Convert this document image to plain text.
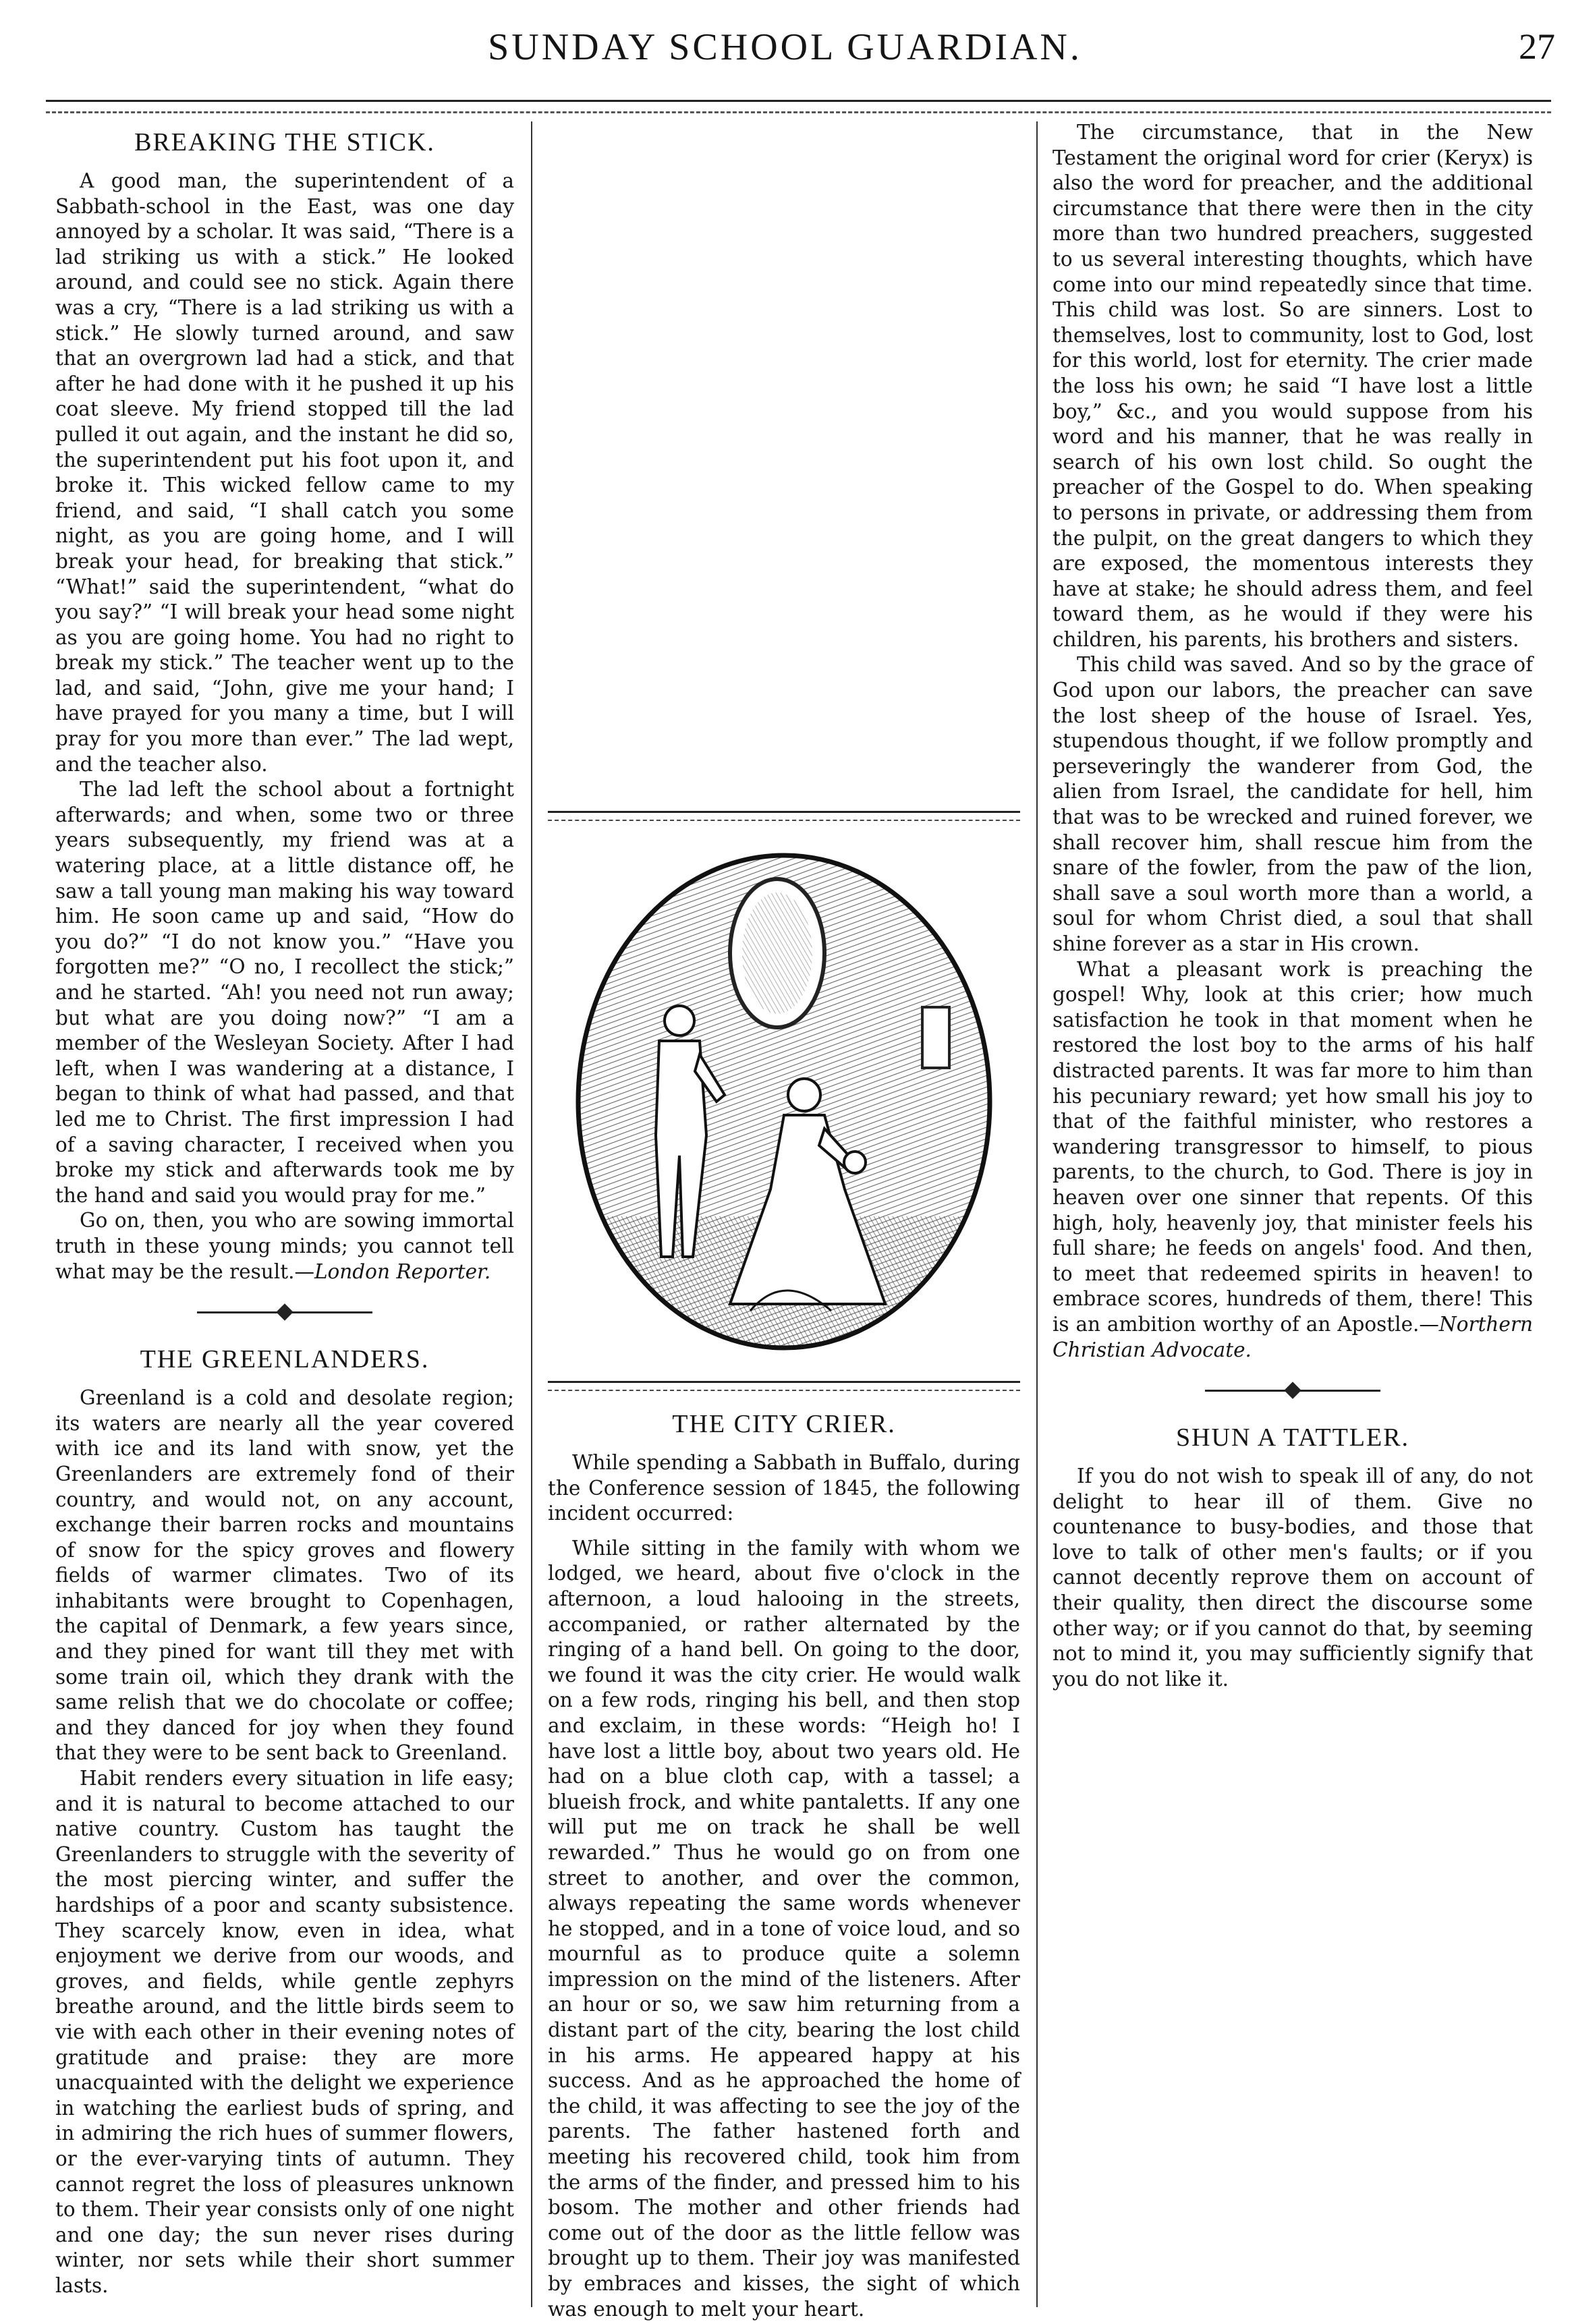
SUNDAY SCHOOL GUARDIAN.	27
BREAKING THE STICK.

A good man, the superintendent of a Sabbath-school in the East, was one day annoyed by a scholar. It was said, “There is a lad striking us with a stick.” He looked around, and could see no stick. Again there was a cry, “There is a lad striking us with a stick.” He slowly turned around, and saw that an overgrown lad had a stick, and that after he had done with it he pushed it up his coat sleeve. My friend stopped till the lad pulled it out again, and the instant he did so, the superintendent put his foot upon it, and broke it. This wicked fellow came to my friend, and said, “I shall catch you some night, as you are going home, and I will break your head, for breaking that stick.” “What!” said the superintendent, “what do you say?” “I will break your head some night as you are going home. You had no right to break my stick.” The teacher went up to the lad, and said, “John, give me your hand; I have prayed for you many a time, but I will pray for you more than ever.” The lad wept, and the teacher also.

The lad left the school about a fortnight afterwards; and when, some two or three years subsequently, my friend was at a watering place, at a little distance off, he saw a tall young man making his way toward him. He soon came up and said, “How do you do?” “I do not know you.” “Have you forgotten me?” “O no, I recollect the stick;” and he started. “Ah! you need not run away; but what are you doing now?” “I am a member of the Wesleyan Society. After I had left, when I was wandering at a distance, I began to think of what had passed, and that led me to Christ. The first impression I had of a saving character, I received when you broke my stick and afterwards took me by the hand and said you would pray for me.”

Go on, then, you who are sowing immortal truth in these young minds; you cannot tell what may be the result.—London Reporter.

THE GREENLANDERS.

Greenland is a cold and desolate region; its waters are nearly all the year covered with ice and its land with snow, yet the Greenlanders are extremely fond of their country, and would not, on any account, exchange their barren rocks and mountains of snow for the spicy groves and flowery fields of warmer climates. Two of its inhabitants were brought to Copenhagen, the capital of Denmark, a few years since, and they pined for want till they met with some train oil, which they drank with the same relish that we do chocolate or coffee; and they danced for joy when they found that they were to be sent back to Greenland.

Habit renders every situation in life easy; and it is natural to become attached to our native country. Custom has taught the Greenlanders to struggle with the severity of the most piercing winter, and suffer the hardships of a poor and scanty subsistence. They scarcely know, even in idea, what enjoyment we derive from our woods, and groves, and fields, while gentle zephyrs breathe around, and the little birds seem to vie with each other in their evening notes of gratitude and praise: they are more unacquainted with the delight we experience in watching the earliest buds of spring, and in admiring the rich hues of summer flowers, or the ever-varying tints of autumn. They cannot regret the loss of pleasures unknown to them. Their year consists only of one night and one day; the sun never rises during winter, nor sets while their short summer lasts.

THE CITY CRIER.

While spending a Sabbath in Buffalo, during the Conference session of 1845, the following incident occurred:

While sitting in the family with whom we lodged, we heard, about five o'clock in the afternoon, a loud halooing in the streets, accompanied, or rather alternated by the ringing of a hand bell. On going to the door, we found it was the city crier. He would walk on a few rods, ringing his bell, and then stop and exclaim, in these words: “Heigh ho! I have lost a little boy, about two years old. He had on a blue cloth cap, with a tassel; a blueish frock, and white pantaletts. If any one will put me on track he shall be well rewarded.” Thus he would go on from one street to another, and over the common, always repeating the same words whenever he stopped, and in a tone of voice loud, and so mournful as to produce quite a solemn impression on the mind of the listeners. After an hour or so, we saw him returning from a distant part of the city, bearing the lost child in his arms. He appeared happy at his success. And as he approached the home of the child, it was affecting to see the joy of the parents. The father hastened forth and meeting his recovered child, took him from the arms of the finder, and pressed him to his bosom. The mother and other friends had come out of the door as the little fellow was brought up to them. Their joy was manifested by embraces and kisses, the sight of which was enough to melt your heart.

The circumstance, that in the New Testament the original word for crier (Keryx) is also the word for preacher, and the additional circumstance that there were then in the city more than two hundred preachers, suggested to us several interesting thoughts, which have come into our mind repeatedly since that time. This child was lost. So are sinners. Lost to themselves, lost to community, lost to God, lost for this world, lost for eternity. The crier made the loss his own; he said “I have lost a little boy,” &c., and you would suppose from his word and his manner, that he was really in search of his own lost child. So ought the preacher of the Gospel to do. When speaking to persons in private, or addressing them from the pulpit, on the great dangers to which they are exposed, the momentous interests they have at stake; he should adress them, and feel toward them, as he would if they were his children, his parents, his brothers and sisters.

This child was saved. And so by the grace of God upon our labors, the preacher can save the lost sheep of the house of Israel. Yes, stupendous thought, if we follow promptly and perseveringly the wanderer from God, the alien from Israel, the candidate for hell, him that was to be wrecked and ruined forever, we shall recover him, shall rescue him from the snare of the fowler, from the paw of the lion, shall save a soul worth more than a world, a soul for whom Christ died, a soul that shall shine forever as a star in His crown.

What a pleasant work is preaching the gospel! Why, look at this crier; how much satisfaction he took in that moment when he restored the lost boy to the arms of his half distracted parents. It was far more to him than his pecuniary reward; yet how small his joy to that of the faithful minister, who restores a wandering transgressor to himself, to pious parents, to the church, to God. There is joy in heaven over one sinner that repents. Of this high, holy, heavenly joy, that minister feels his full share; he feeds on angels' food. And then, to meet that redeemed spirits in heaven! to embrace scores, hundreds of them, there! This is an ambition worthy of an Apostle.—Northern Christian Advocate.

SHUN A TATTLER.

If you do not wish to speak ill of any, do not delight to hear ill of them. Give no countenance to busy-bodies, and those that love to talk of other men's faults; or if you cannot decently reprove them on account of their quality, then direct the discourse some other way; or if you cannot do that, by seeming not to mind it, you may sufficiently signify that you do not like it.
